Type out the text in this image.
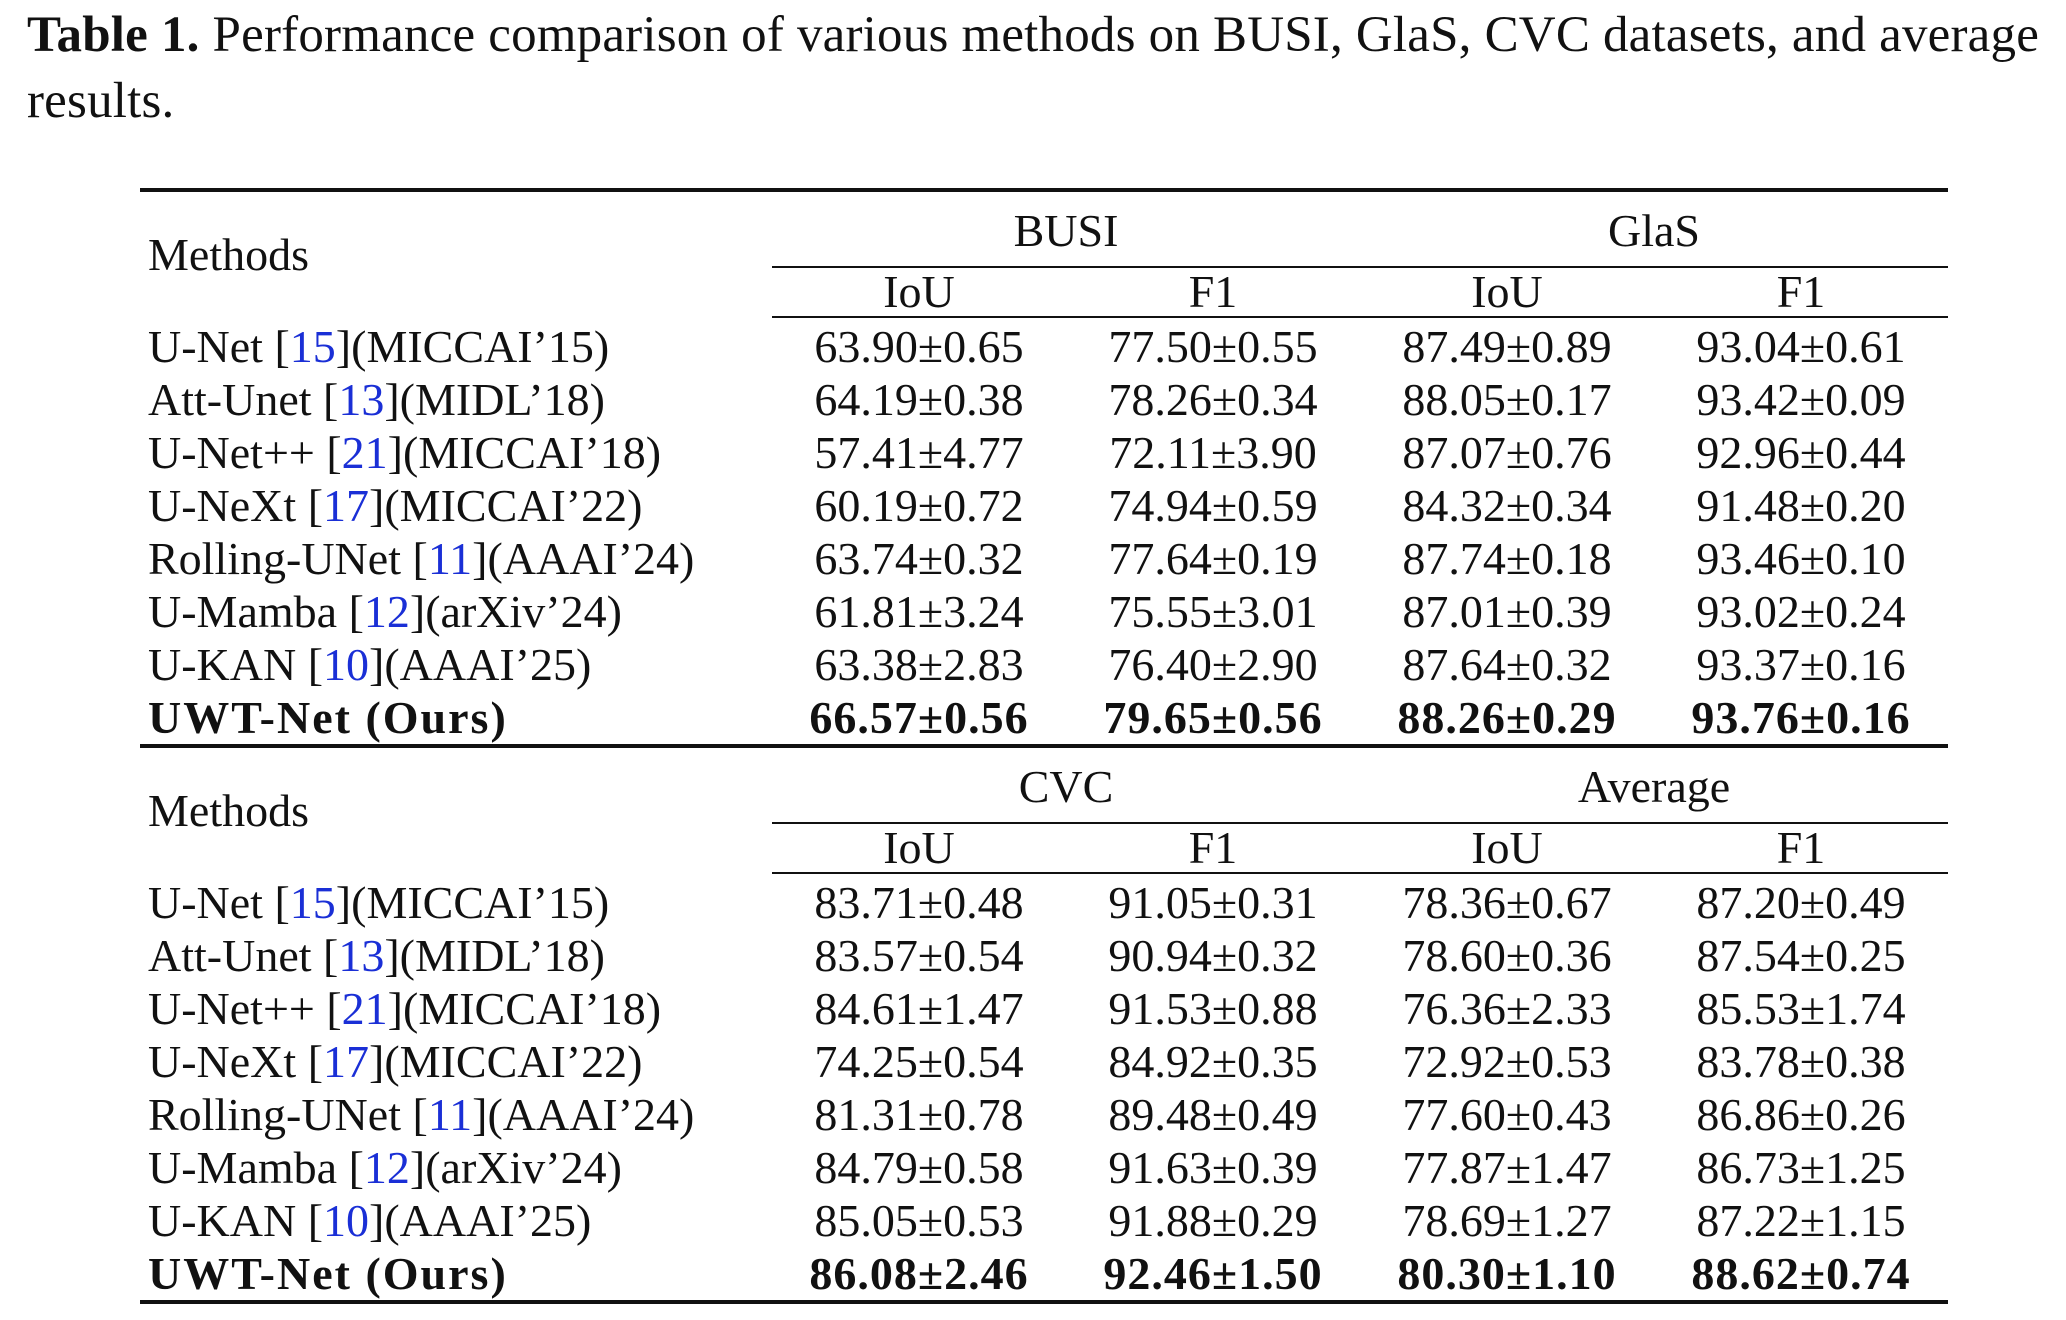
Table 1. Performance comparison of various methods on BUSI, GlaS, CVC datasets, and average results.
Methods	BUSI		GlaS	
	IoU	F1	IoU	F1
U-Net [15](MICCAI’15)	63.90±0.65	77.50±0.55	87.49±0.89	93.04±0.61
Att-Unet [13](MIDL’18)	64.19±0.38	78.26±0.34	88.05±0.17	93.42±0.09
U-Net++ [21](MICCAI’18)	57.41±4.77	72.11±3.90	87.07±0.76	92.96±0.44
U-NeXt [17](MICCAI’22)	60.19±0.72	74.94±0.59	84.32±0.34	91.48±0.20
Rolling-UNet [11](AAAI’24)	63.74±0.32	77.64±0.19	87.74±0.18	93.46±0.10
U-Mamba [12](arXiv’24)	61.81±3.24	75.55±3.01	87.01±0.39	93.02±0.24
U-KAN [10](AAAI’25)	63.38±2.83	76.40±2.90	87.64±0.32	93.37±0.16
UWT-Net (Ours)	66.57±0.56	79.65±0.56	88.26±0.29	93.76±0.16
Methods	CVC		Average	
	IoU	F1	IoU	F1
U-Net [15](MICCAI’15)	83.71±0.48	91.05±0.31	78.36±0.67	87.20±0.49
Att-Unet [13](MIDL’18)	83.57±0.54	90.94±0.32	78.60±0.36	87.54±0.25
U-Net++ [21](MICCAI’18)	84.61±1.47	91.53±0.88	76.36±2.33	85.53±1.74
U-NeXt [17](MICCAI’22)	74.25±0.54	84.92±0.35	72.92±0.53	83.78±0.38
Rolling-UNet [11](AAAI’24)	81.31±0.78	89.48±0.49	77.60±0.43	86.86±0.26
U-Mamba [12](arXiv’24)	84.79±0.58	91.63±0.39	77.87±1.47	86.73±1.25
U-KAN [10](AAAI’25)	85.05±0.53	91.88±0.29	78.69±1.27	87.22±1.15
UWT-Net (Ours)	86.08±2.46	92.46±1.50	80.30±1.10	88.62±0.74
